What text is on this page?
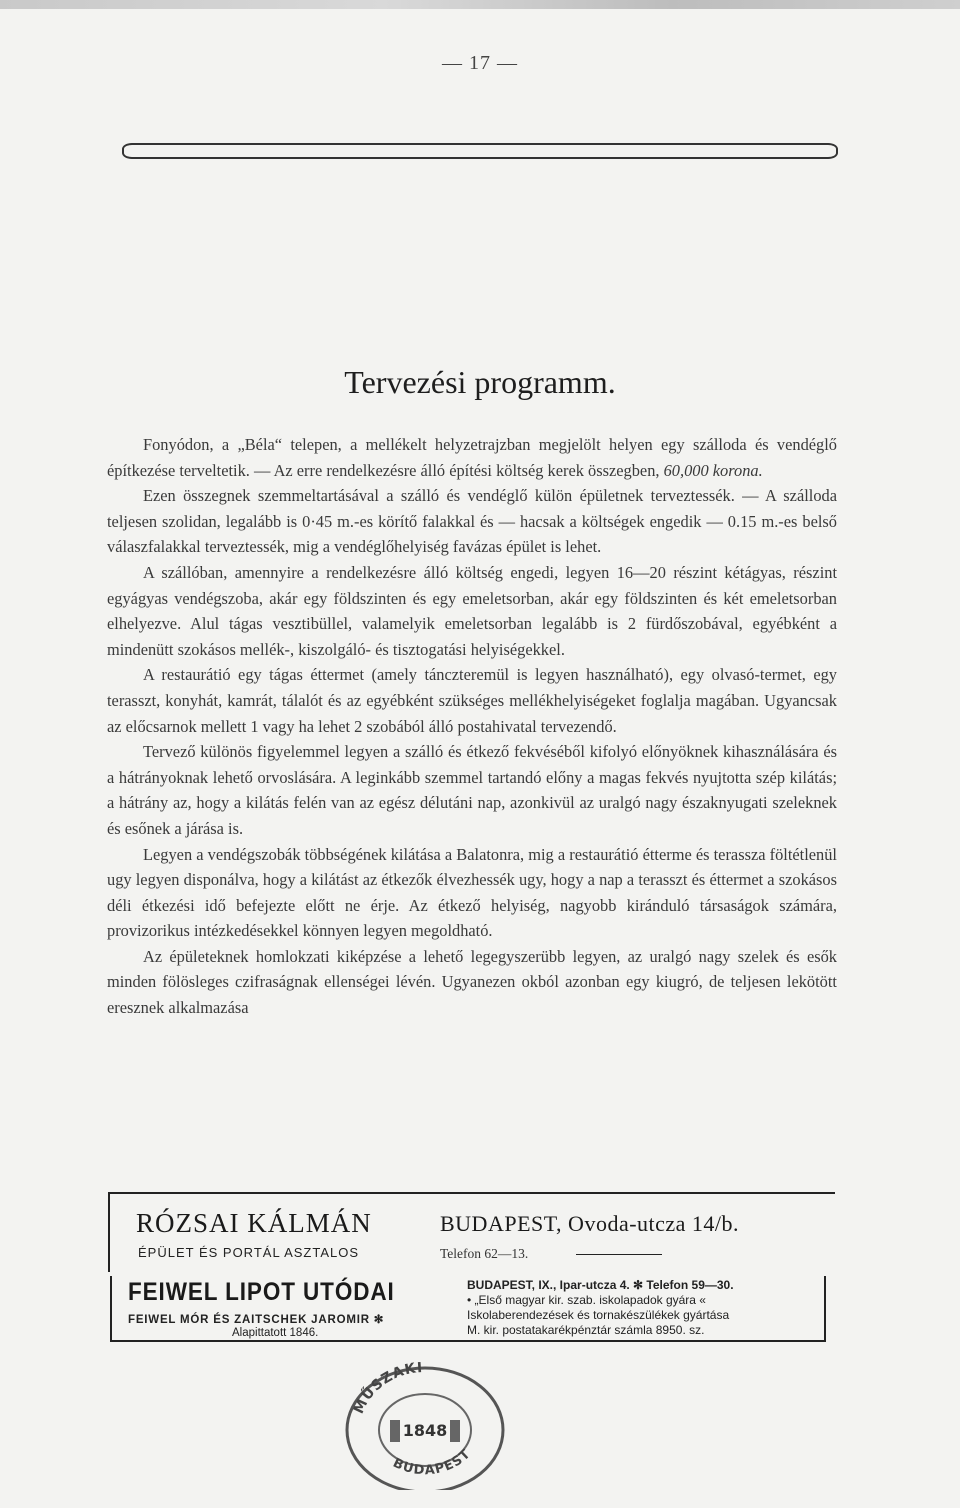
— 17 —
Tervezési programm.

Fonyódon, a „Béla“ telepen, a mellékelt helyzetrajzban megjelölt helyen egy szálloda és vendéglő építkezése terveltetik. — Az erre rendelkezésre álló építési költség kerek összegben, 60,000 korona.

Ezen összegnek szemmeltartásával a szálló és vendéglő külön épületnek terveztessék. — A szálloda teljesen szolidan, legalább is 0·45 m.-es körítő falakkal és — hacsak a költségek engedik — 0.15 m.-es belső válaszfalakkal terveztessék, mig a vendéglőhelyiség favázas épület is lehet.

A szállóban, amennyire a rendelkezésre álló költség engedi, legyen 16—20 részint kétágyas, részint egyágyas vendégszoba, akár egy földszinten és egy emeletsorban, akár egy földszinten és két emeletsorban elhelyezve. Alul tágas vesztibüllel, valamelyik emeletsorban legalább is 2 fürdőszobával, egyébként a mindenütt szokásos mellék-, kiszolgáló- és tisztogatási helyiségekkel.

A restaurátió egy tágas éttermet (amely tánczteremül is legyen használható), egy olvasó-termet, egy terasszt, konyhát, kamrát, tálalót és az egyébként szükséges mellékhelyiségeket foglalja magában. Ugyancsak az előcsarnok mellett 1 vagy ha lehet 2 szobából álló postahivatal tervezendő.

Tervező különös figyelemmel legyen a szálló és étkező fekvéséből kifolyó előnyöknek kihasználására és a hátrányoknak lehető orvoslására. A leginkább szemmel tartandó előny a magas fekvés nyujtotta szép kilátás; a hátrány az, hogy a kilátás felén van az egész délutáni nap, azonkivül az uralgó nagy északnyugati szeleknek és esőnek a járása is.

Legyen a vendégszobák többségének kilátása a Balatonra, mig a restaurátió étterme és terassza föltétlenül ugy legyen disponálva, hogy a kilátást az étkezők élvezhessék ugy, hogy a nap a terasszt és éttermet a szokásos déli étkezési idő befejezte előtt ne érje. Az étkező helyiség, nagyobb kiránduló társaságok számára, provizorikus intézkedésekkel könnyen legyen megoldható.

Az épületeknek homlokzati kiképzése a lehető legegyszerübb legyen, az uralgó nagy szelek és esők minden fölösleges czifraságnak ellenségei lévén. Ugyanezen okból azonban egy kiugró, de teljesen lekötött eresznek alkalmazása

RÓZSAI KÁLMÁN
ÉPÜLET ÉS PORTÁL ASZTALOS
BUDAPEST, Ovoda-utcza 14/b.
Telefon 62—13.
FEIWEL LIPOT UTÓDAI
FEIWEL MÓR ÉS ZAITSCHEK JAROMIR ✻
Alapittatott 1846.
BUDAPEST, IX., Ipar-utcza 4. ✻ Telefon 59—30.
• „Első magyar kir. szab. iskolapadok gyára «
Iskolaberendezések és tornakészülékek gyártása
M. kir. postatakarékpénztár számla 8950. sz.
MŰSZAKI
BUDAPEST
1848
